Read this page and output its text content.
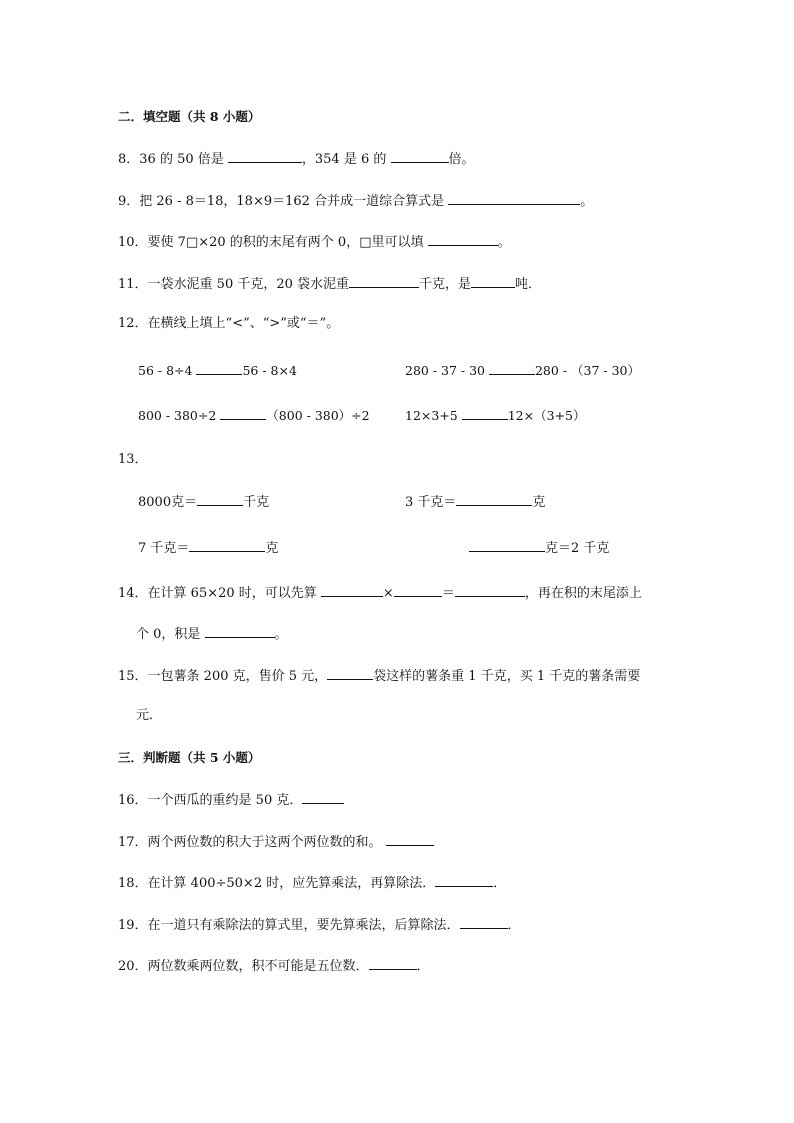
二．填空题（共 8 小题）
8．36 的 50 倍是	，354 是 6 的	倍。
9．把 26 - 8＝18，18×9＝162 合并成一道综合算式是	。
10．要使 7□×20 的积的末尾有两个 0，□里可以填	。
11．一袋水泥重 50 千克，20 袋水泥重	千克，是	吨．
12．在横线上填上“<”、“>”或“＝”。
56 - 8÷4	56 - 8×4	280 - 37 - 30	280 - （37 - 30）
800 - 380÷2	（800 - 380）÷2	12×3+5	12×（3+5）
13．
8000克＝	千克	3 千克＝	克
7 千克＝	克	克＝2 千克
14．在计算 65×20 时，可以先算	×	＝	，再在积的末尾添上
个 0，积是	。
15．一包薯条 200 克，售价 5 元，	袋这样的薯条重 1 千克，买 1 千克的薯条需要
元．
三．判断题（共 5 小题）
16．一个西瓜的重约是 50 克．
17．两个两位数的积大于这两个两位数的和。
18．在计算 400÷50×2 时，应先算乘法，再算除法．	．
19．在一道只有乘除法的算式里，要先算乘法，后算除法．	．
20．两位数乘两位数，积不可能是五位数．	．
